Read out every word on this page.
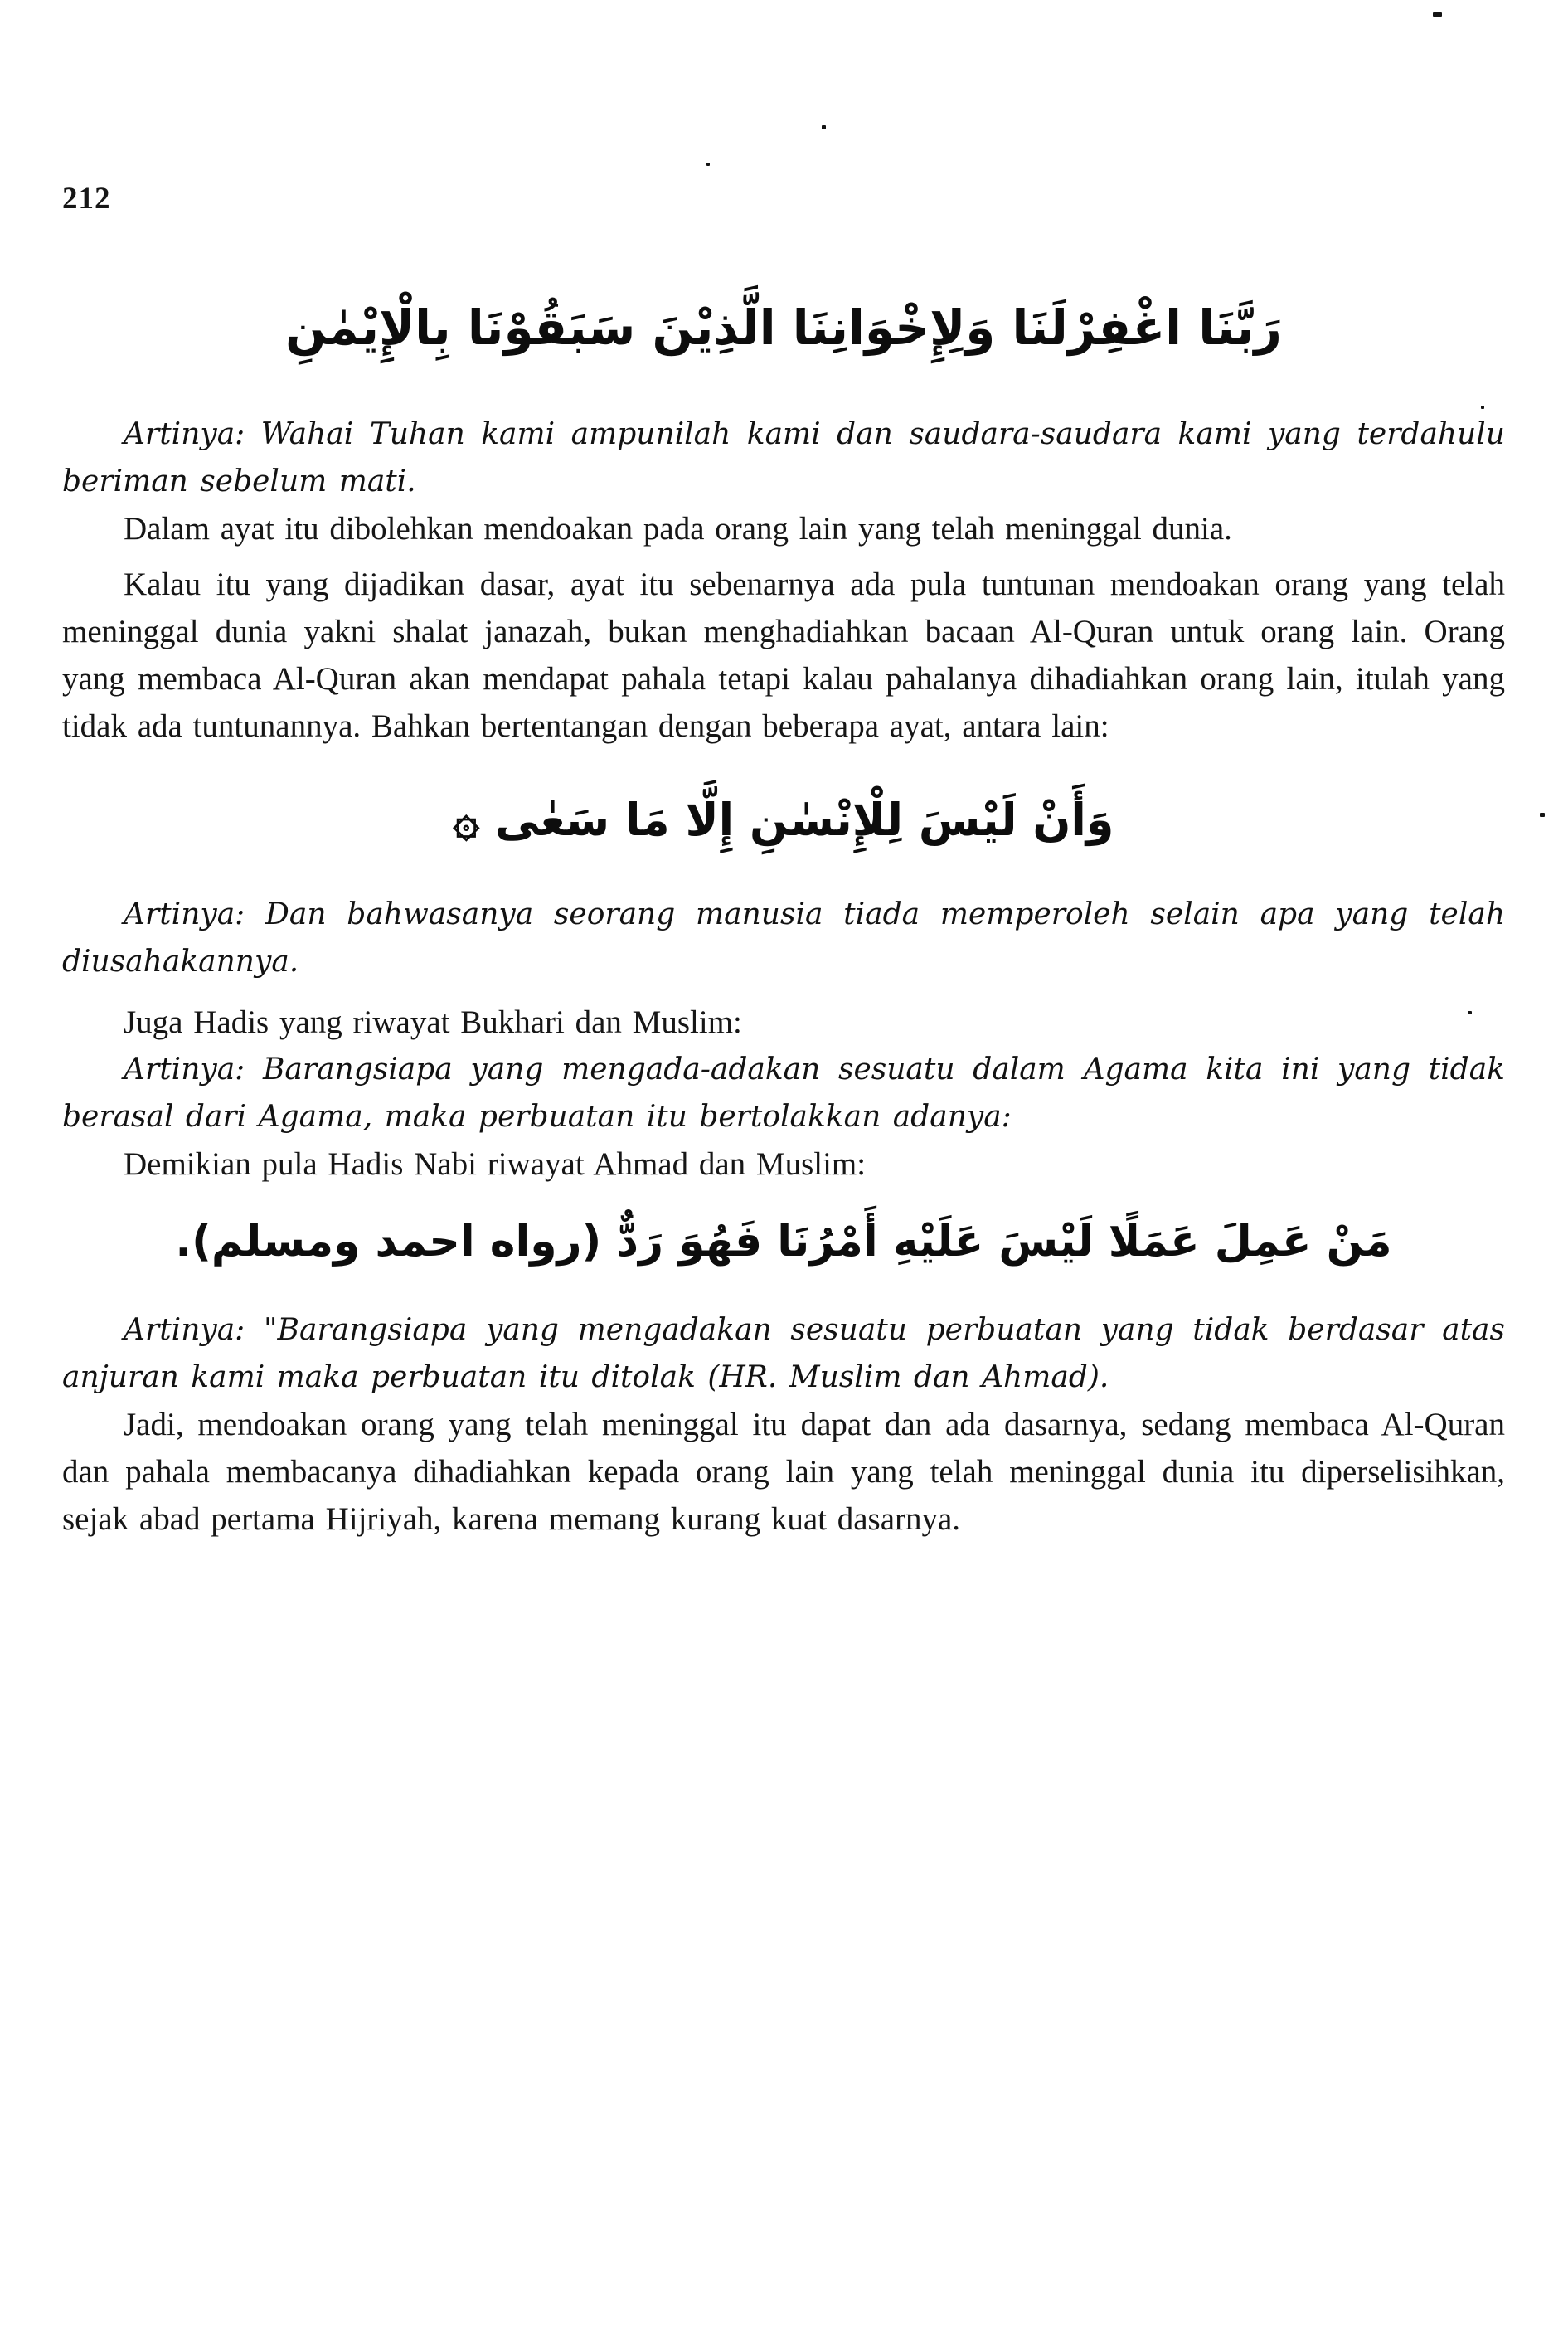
212
رَبَّنَا اغْفِرْلَنَا وَلِإِخْوَانِنَا الَّذِيْنَ سَبَقُوْنَا بِالْإِيْمٰنِ

Artinya: Wahai Tuhan kami ampunilah kami dan saudara-saudara kami yang terdahulu beriman sebelum mati.

Dalam ayat itu dibolehkan mendoakan pada orang lain yang telah meninggal dunia.

Kalau itu yang dijadikan dasar, ayat itu sebenarnya ada pula tuntunan mendoakan orang yang telah meninggal dunia yakni shalat janazah, bukan menghadiahkan bacaan Al-Quran untuk orang lain. Orang yang membaca Al-Quran akan mendapat pahala tetapi kalau pahalanya dihadiahkan orang lain, itulah yang tidak ada tuntunannya. Bahkan bertentangan dengan beberapa ayat, antara lain:

وَأَنْ لَيْسَ لِلْإِنْسٰنِ إِلَّا مَا سَعٰى ۞

Artinya: Dan bahwasanya seorang manusia tiada memperoleh selain apa yang telah diusahakannya.

Juga Hadis yang riwayat Bukhari dan Muslim:

Artinya: Barangsiapa yang mengada-adakan sesuatu dalam Agama kita ini yang tidak berasal dari Agama, maka perbuatan itu bertolakkan adanya:

Demikian pula Hadis Nabi riwayat Ahmad dan Muslim:

مَنْ عَمِلَ عَمَلًا لَيْسَ عَلَيْهِ أَمْرُنَا فَهُوَ رَدٌّ (رواه احمد ومسلم).

Artinya: "Barangsiapa yang mengadakan sesuatu perbuatan yang tidak berdasar atas anjuran kami maka perbuatan itu ditolak (HR. Muslim dan Ahmad).

Jadi, mendoakan orang yang telah meninggal itu dapat dan ada dasarnya, sedang membaca Al-Quran dan pahala membacanya dihadiahkan kepada orang lain yang telah meninggal dunia itu diperselisihkan, sejak abad pertama Hijriyah, karena memang kurang kuat dasarnya.
